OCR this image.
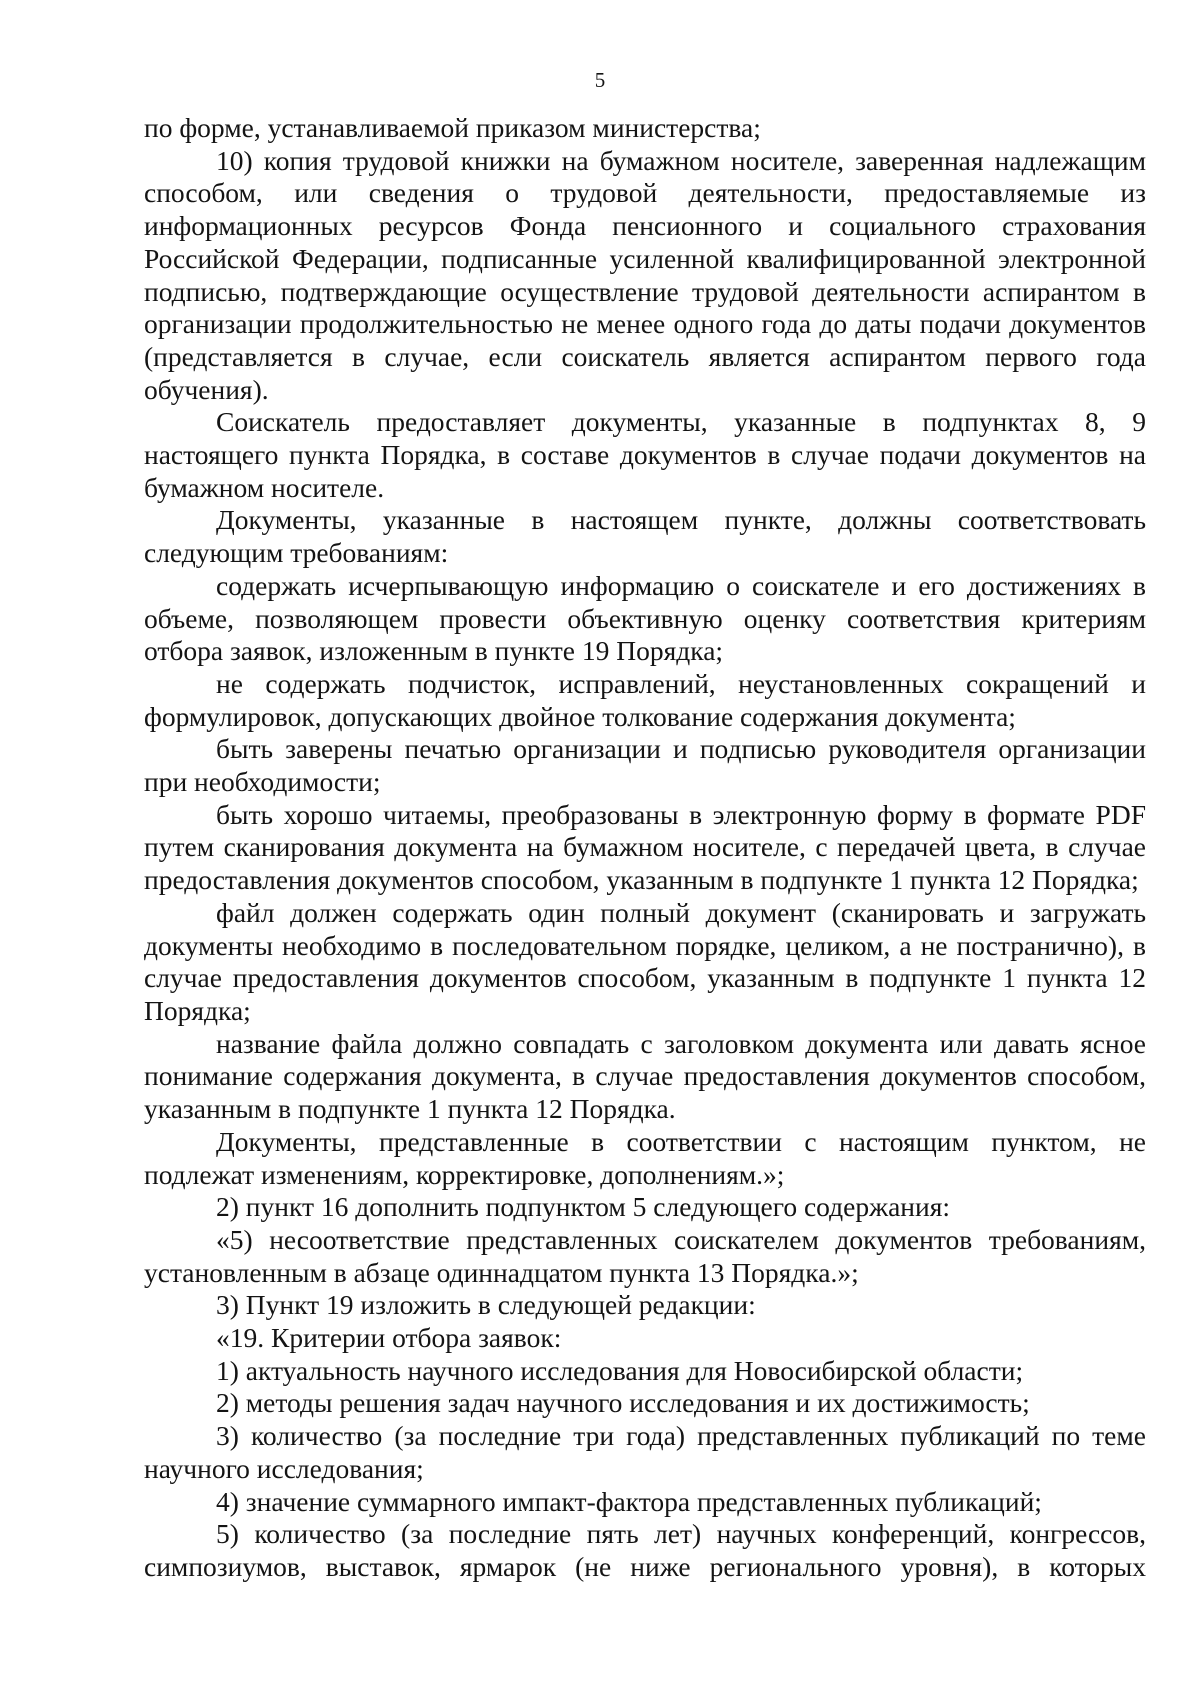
5

по форме, устанавливаемой приказом министерства;

10) копия трудовой книжки на бумажном носителе, заверенная надлежащим способом, или сведения о трудовой деятельности, предоставляемые из информационных ресурсов Фонда пенсионного и социального страхования Российской Федерации, подписанные усиленной квалифицированной электронной подписью, подтверждающие осуществление трудовой деятельности аспирантом в организации продолжительностью не менее одного года до даты подачи документов (представляется в случае, если соискатель является аспирантом первого года обучения).

Соискатель предоставляет документы, указанные в подпунктах 8, 9 настоящего пункта Порядка, в составе документов в случае подачи документов на бумажном носителе.

Документы, указанные в настоящем пункте, должны соответствовать следующим требованиям:

содержать исчерпывающую информацию о соискателе и его достижениях в объеме, позволяющем провести объективную оценку соответствия критериям отбора заявок, изложенным в пункте 19 Порядка;

не содержать подчисток, исправлений, неустановленных сокращений и формулировок, допускающих двойное толкование содержания документа;

быть заверены печатью организации и подписью руководителя организации при необходимости;

быть хорошо читаемы, преобразованы в электронную форму в формате PDF путем сканирования документа на бумажном носителе, с передачей цвета, в случае предоставления документов способом, указанным в подпункте 1 пункта 12 Порядка;

файл должен содержать один полный документ (сканировать и загружать документы необходимо в последовательном порядке, целиком, а не постранично), в случае предоставления документов способом, указанным в подпункте 1 пункта 12 Порядка;

название файла должно совпадать с заголовком документа или давать ясное понимание содержания документа, в случае предоставления документов способом, указанным в подпункте 1 пункта 12 Порядка.

Документы, представленные в соответствии с настоящим пунктом, не подлежат изменениям, корректировке, дополнениям.»;

2) пункт 16 дополнить подпунктом 5 следующего содержания:

«5) несоответствие представленных соискателем документов требованиям, установленным в абзаце одиннадцатом пункта 13 Порядка.»;

3) Пункт 19 изложить в следующей редакции:

«19. Критерии отбора заявок:

1) актуальность научного исследования для Новосибирской области;

2) методы решения задач научного исследования и их достижимость;

3) количество (за последние три года) представленных публикаций по теме научного исследования;

4) значение суммарного импакт-фактора представленных публикаций;

5) количество (за последние пять лет) научных конференций, конгрессов, симпозиумов, выставок, ярмарок (не ниже регионального уровня), в которых
